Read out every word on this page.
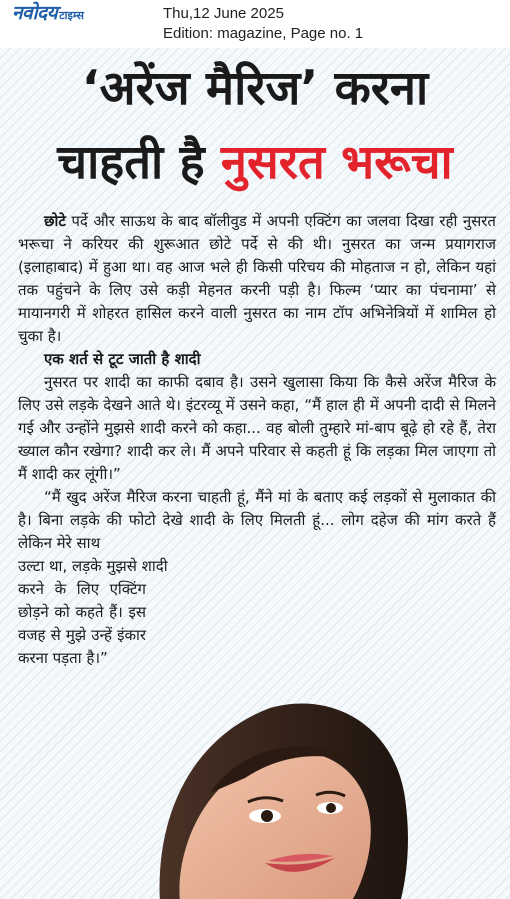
नवोदय टाइम्स	Thu,12 June 2025
Edition: magazine, Page no. 1
‘अरेंज मैरिज’ करना
चाहती है नुसरत भरूचा

छोटे पर्दे और साऊथ के बाद बॉलीवुड में अपनी एक्टिंग का जलवा दिखा रही नुसरत भरूचा ने करियर की शुरूआत छोटे पर्दे से की थी। नुसरत का जन्म प्रयागराज (इलाहाबाद) में हुआ था। वह आज भले ही किसी परिचय की मोहताज न हो, लेकिन यहां तक पहुंचने के लिए उसे कड़ी मेहनत करनी पड़ी है। फिल्म ‘प्यार का पंचनामा’ से मायानगरी में शोहरत हासिल करने वाली नुसरत का नाम टॉप अभिनेत्रियों में शामिल हो चुका है।

एक शर्त से टूट जाती है शादी

नुसरत पर शादी का काफी दबाव है। उसने खुलासा किया कि कैसे अरेंज मैरिज के लिए उसे लड़के देखने आते थे। इंटरव्यू में उसने कहा, “मैं हाल ही में अपनी दादी से मिलने गई और उन्होंने मुझसे शादी करने को कहा... वह बोली तुम्हारे मां-बाप बूढ़े हो रहे हैं, तेरा ख्याल कौन रखेगा? शादी कर ले। मैं अपने परिवार से कहती हूं कि लड़का मिल जाएगा तो मैं शादी कर लूंगी।”

“मैं खुद अरेंज मैरिज करना चाहती हूं, मैंने मां के बताए कई लड़कों से मुलाकात की है। बिना लड़के की फोटो देखे शादी के लिए मिलती हूं... लोग दहेज की मांग करते हैं लेकिन मेरे साथ

उल्टा था, लड़के मुझसे शादी

करने के लिए एक्टिंग छोड़ने को कहते हैं। इस वजह से मुझे उन्हें इंकार करना पड़ता है।”
